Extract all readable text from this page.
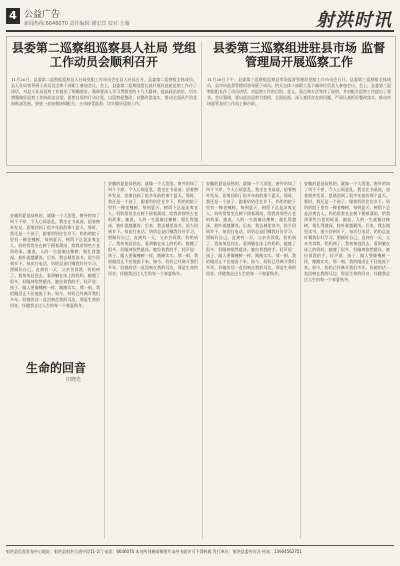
4 公益广告
新闻热线:6646070 责任编辑:谢宏宾 校对:王薇	射洪时讯
县委第二巡察组巡察县人社局 党组工作动员会顺利召开
11月26日，县委第二巡察组巡察县人社局党组工作动员会在县人社局召开，县委第二巡察组全体成员、县人社局领导班子成员及全体干部职工参加会议。会上，县委第二巡察组组长就开展好此轮巡察工作作了讲话，对县人社局巡察工作提出了明确要求，强调要深入学习贯彻党的十九大精神，提高政治站位，切实增强做好巡察工作的政治自觉、思想自觉和行动自觉，以巡察促整改，以整改促落实，推动全面从严治党向纵深发展。要进一步加强协调配合，主动接受监督，切实做好巡察工作。
县委第三巡察组进驻县市场 监督管理局开展巡察工作
11月26日下午，县委第三巡察组巡察县市场监督管理局党组工作动员会召开。县委第三巡察组全体成员，县市场监督管理局领导班子成员、机关全体干部职工及下属单位负责人参加会议。会上，县委第三巡察组组长作了动员讲话，对巡察工作的目的、意义、重点和方法等作了说明，并对配合巡察工作提出了要求。会议强调，要以此次巡察为契机，全面检视、深入查找存在的问题，严肃认真抓好整改落实，推动市场监管各项工作再上新台阶。
生命的回音
田晓光
安徽的夏是闷热的，就像一个大蒸笼。窗外的知了叫个不停，令人心烦意乱。我坐在书桌前，望着窗外发呆，思绪回到了很多年前的那个夏天。那时，我还是一个孩子，跟着奶奶住在乡下。奶奶的院子里有一棵老槐树，每到夏天，树荫下总是凉爽宜人。奶奶常常坐在树下摇着蒲扇，给我讲那些古老的故事。她说，人的一生就像这棵树，根扎得越深，枝叶就越繁茂。后来，我去城里读书，很少回到乡下。每次打电话，奶奶总是叮嘱我好好学习，照顾好自己。直到有一天，父亲告诉我，奶奶病了。我匆匆赶回去，看到躺在床上的奶奶，她瘦了很多，但眼神依然慈祥。她拉着我的手，轻声说：孩子，做人要像槐树一样，踏踏实实。那一刻，我的眼泪止不住地流下来。如今，奶奶已经离开我们多年，但她的话一直回响在我的耳边，那是生命的回音，伴随我走过人生的每一个春夏秋冬。
安徽的夏是闷热的，就像一个大蒸笼。窗外的知了叫个不停，令人心烦意乱。我坐在书桌前，望着窗外发呆，思绪回到了很多年前的那个夏天。那时，我还是一个孩子，跟着奶奶住在乡下。奶奶的院子里有一棵老槐树，每到夏天，树荫下总是凉爽宜人。奶奶常常坐在树下摇着蒲扇，给我讲那些古老的故事。她说，人的一生就像这棵树，根扎得越深，枝叶就越繁茂。后来，我去城里读书，很少回到乡下。每次打电话，奶奶总是叮嘱我好好学习，照顾好自己。直到有一天，父亲告诉我，奶奶病了。我匆匆赶回去，看到躺在床上的奶奶，她瘦了很多，但眼神依然慈祥。她拉着我的手，轻声说：孩子，做人要像槐树一样，踏踏实实。那一刻，我的眼泪止不住地流下来。如今，奶奶已经离开我们多年，但她的话一直回响在我的耳边，那是生命的回音，伴随我走过人生的每一个春夏秋冬。
安徽的夏是闷热的，就像一个大蒸笼。窗外的知了叫个不停，令人心烦意乱。我坐在书桌前，望着窗外发呆，思绪回到了很多年前的那个夏天。那时，我还是一个孩子，跟着奶奶住在乡下。奶奶的院子里有一棵老槐树，每到夏天，树荫下总是凉爽宜人。奶奶常常坐在树下摇着蒲扇，给我讲那些古老的故事。她说，人的一生就像这棵树，根扎得越深，枝叶就越繁茂。后来，我去城里读书，很少回到乡下。每次打电话，奶奶总是叮嘱我好好学习，照顾好自己。直到有一天，父亲告诉我，奶奶病了。我匆匆赶回去，看到躺在床上的奶奶，她瘦了很多，但眼神依然慈祥。她拉着我的手，轻声说：孩子，做人要像槐树一样，踏踏实实。那一刻，我的眼泪止不住地流下来。如今，奶奶已经离开我们多年，但她的话一直回响在我的耳边，那是生命的回音，伴随我走过人生的每一个春夏秋冬。
安徽的夏是闷热的，就像一个大蒸笼。窗外的知了叫个不停，令人心烦意乱。我坐在书桌前，望着窗外发呆，思绪回到了很多年前的那个夏天。那时，我还是一个孩子，跟着奶奶住在乡下。奶奶的院子里有一棵老槐树，每到夏天，树荫下总是凉爽宜人。奶奶常常坐在树下摇着蒲扇，给我讲那些古老的故事。她说，人的一生就像这棵树，根扎得越深，枝叶就越繁茂。后来，我去城里读书，很少回到乡下。每次打电话，奶奶总是叮嘱我好好学习，照顾好自己。直到有一天，父亲告诉我，奶奶病了。我匆匆赶回去，看到躺在床上的奶奶，她瘦了很多，但眼神依然慈祥。她拉着我的手，轻声说：孩子，做人要像槐树一样，踏踏实实。那一刻，我的眼泪止不住地流下来。如今，奶奶已经离开我们多年，但她的话一直回响在我的耳边，那是生命的回音，伴随我走过人生的每一个春夏秋冬。
射洪县信息发布中心地址：射洪县射洪大道中段11-2门 电话：6646070 本刊所刊新闻和图片未经书面许可不得转载 发行单位：射洪县委外宣办 传真：13904562751
